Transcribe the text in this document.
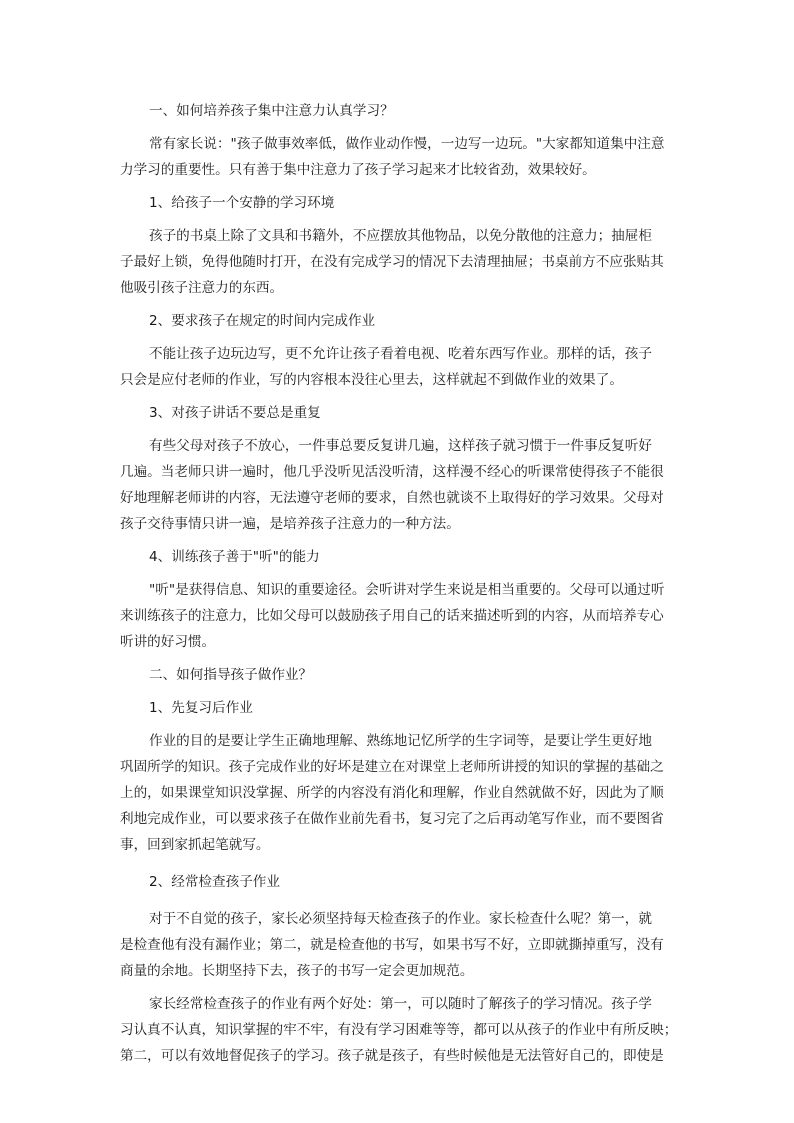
一、如何培养孩子集中注意力认真学习？
常有家长说："孩子做事效率低，做作业动作慢，一边写一边玩。"大家都知道集中注意
力学习的重要性。只有善于集中注意力了孩子学习起来才比较省劲，效果较好。
1、给孩子一个安静的学习环境
孩子的书桌上除了文具和书籍外，不应摆放其他物品，以免分散他的注意力；抽屉柜
子最好上锁，免得他随时打开，在没有完成学习的情况下去清理抽屉；书桌前方不应张贴其
他吸引孩子注意力的东西。
2、要求孩子在规定的时间内完成作业
不能让孩子边玩边写，更不允许让孩子看着电视、吃着东西写作业。那样的话，孩子
只会是应付老师的作业，写的内容根本没往心里去，这样就起不到做作业的效果了。
3、对孩子讲话不要总是重复
有些父母对孩子不放心，一件事总要反复讲几遍，这样孩子就习惯于一件事反复听好
几遍。当老师只讲一遍时，他几乎没听见活没听清，这样漫不经心的听课常使得孩子不能很
好地理解老师讲的内容，无法遵守老师的要求，自然也就谈不上取得好的学习效果。父母对
孩子交待事情只讲一遍，是培养孩子注意力的一种方法。
4、训练孩子善于"听"的能力
"听"是获得信息、知识的重要途径。会听讲对学生来说是相当重要的。父母可以通过听
来训练孩子的注意力，比如父母可以鼓励孩子用自己的话来描述听到的内容，从而培养专心
听讲的好习惯。
二、如何指导孩子做作业？
1、先复习后作业
作业的目的是要让学生正确地理解、熟练地记忆所学的生字词等，是要让学生更好地
巩固所学的知识。孩子完成作业的好坏是建立在对课堂上老师所讲授的知识的掌握的基础之
上的，如果课堂知识没掌握、所学的内容没有消化和理解，作业自然就做不好，因此为了顺
利地完成作业，可以要求孩子在做作业前先看书，复习完了之后再动笔写作业，而不要图省
事，回到家抓起笔就写。
2、经常检查孩子作业
对于不自觉的孩子，家长必须坚持每天检查孩子的作业。家长检查什么呢？第一，就
是检查他有没有漏作业；第二，就是检查他的书写，如果书写不好，立即就撕掉重写，没有
商量的余地。长期坚持下去，孩子的书写一定会更加规范。
家长经常检查孩子的作业有两个好处：第一，可以随时了解孩子的学习情况。孩子学
习认真不认真，知识掌握的牢不牢，有没有学习困难等等，都可以从孩子的作业中有所反映；
第二，可以有效地督促孩子的学习。孩子就是孩子，有些时候他是无法管好自己的，即使是
